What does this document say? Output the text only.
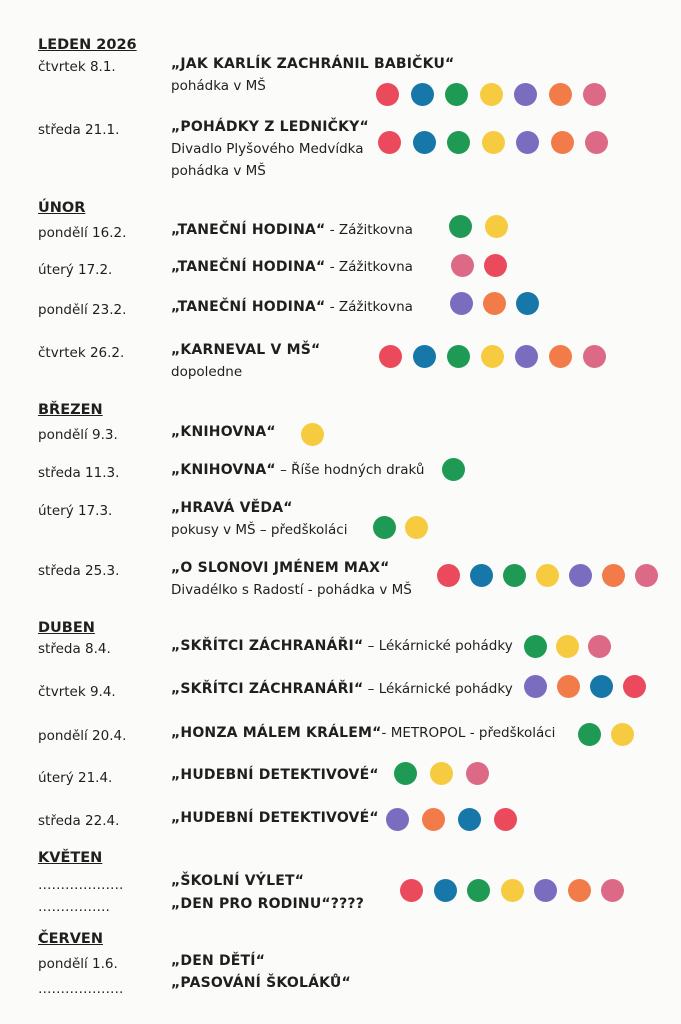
LEDEN 2026
ÚNOR
BŘEZEN
DUBEN
KVĚTEN
ČERVEN
čtvrtek 8.1.	„JAK KARLÍK ZACHRÁNIL BABIČKU“
pohádka v MŠ
středa 21.1.	„POHÁDKY Z LEDNIČKY“
Divadlo Plyšového Medvídka
pohádka v MŠ
pondělí 16.2.	„TANEČNÍ HODINA“ - Zážitkovna
úterý 17.2.	„TANEČNÍ HODINA“ - Zážitkovna
pondělí 23.2.	„TANEČNÍ HODINA“ - Zážitkovna
čtvrtek 26.2.	„KARNEVAL V MŠ“
dopoledne
pondělí 9.3.	„KNIHOVNA“
středa 11.3.	„KNIHOVNA“ – Říše hodných draků
úterý 17.3.	„HRAVÁ VĚDA“
pokusy v MŠ – předškoláci
středa 25.3.	„O SLONOVI JMÉNEM MAX“
Divadélko s Radostí - pohádka v MŠ
středa 8.4.	„SKŘÍTCI ZÁCHRANÁŘI“ – Lékárnické pohádky
čtvrtek 9.4.	„SKŘÍTCI ZÁCHRANÁŘI“ – Lékárnické pohádky
pondělí 20.4.	„HONZA MÁLEM KRÁLEM“- METROPOL - předškoláci
úterý 21.4.	„HUDEBNÍ DETEKTIVOVÉ“
středa 22.4.	„HUDEBNÍ DETEKTIVOVÉ“
……………….	„ŠKOLNÍ VÝLET“
…………….	„DEN PRO RODINU“????
pondělí 1.6.	„DEN DĚTÍ“
……………….	„PASOVÁNÍ ŠKOLÁKŮ“
